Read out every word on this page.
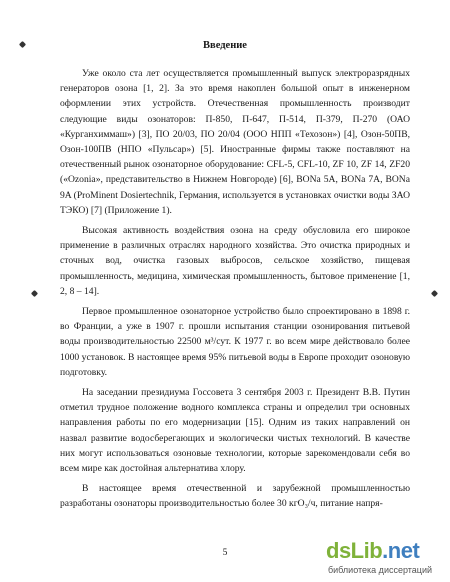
Введение

Уже около ста лет осуществляется промышленный выпуск электроразрядных генераторов озона [1, 2]. За это время накоплен большой опыт в инженерном оформлении этих устройств. Отечественная промышленность производит следующие виды озонаторов: П-850, П-647, П-514, П-379, П-270 (ОАО «Курганхиммаш») [3], ПО 20/03, ПО 20/04 (ООО НПП «Техозон») [4], Озон-50ПВ, Озон-100ПВ (НПО «Пульсар») [5]. Иностранные фирмы также поставляют на отечественный рынок озонаторное оборудование: CFL-5, CFL-10, ZF 10, ZF 14, ZF20 («Ozonia», представительство в Нижнем Новгороде) [6], BONa 5A, BONa 7A, BONa 9A (ProMinent Dosiertechnik, Германия, используется в установках очистки воды ЗАО ТЭКО) [7] (Приложение 1).

Высокая активность воздействия озона на среду обусловила его широкое применение в различных отраслях народного хозяйства. Это очистка природных и сточных вод, очистка газовых выбросов, сельское хозяйство, пищевая промышленность, медицина, химическая промышленность, бытовое применение [1, 2, 8 – 14].

Первое промышленное озонаторное устройство было спроектировано в 1898 г. во Франции, а уже в 1907 г. прошли испытания станции озонирования питьевой воды производительностью 22500 м³/сут. К 1977 г. во всем мире действовало более 1000 установок. В настоящее время 95% питьевой воды в Европе проходит озоновую подготовку.

На заседании президиума Госсовета 3 сентября 2003 г. Президент В.В. Путин отметил трудное положение водного комплекса страны и определил три основных направления работы по его модернизации [15]. Одним из таких направлений он назвал развитие водосберегающих и экологически чистых технологий. В качестве них могут использоваться озоновые технологии, которые зарекомендовали себя во всем мире как достойная альтернатива хлору.

В настоящее время отечественной и зарубежной промышленностью разработаны озонаторы производительностью более 30 кгО₃/ч, питание напря-

5	dsLib.net
библиотека диссертаций
